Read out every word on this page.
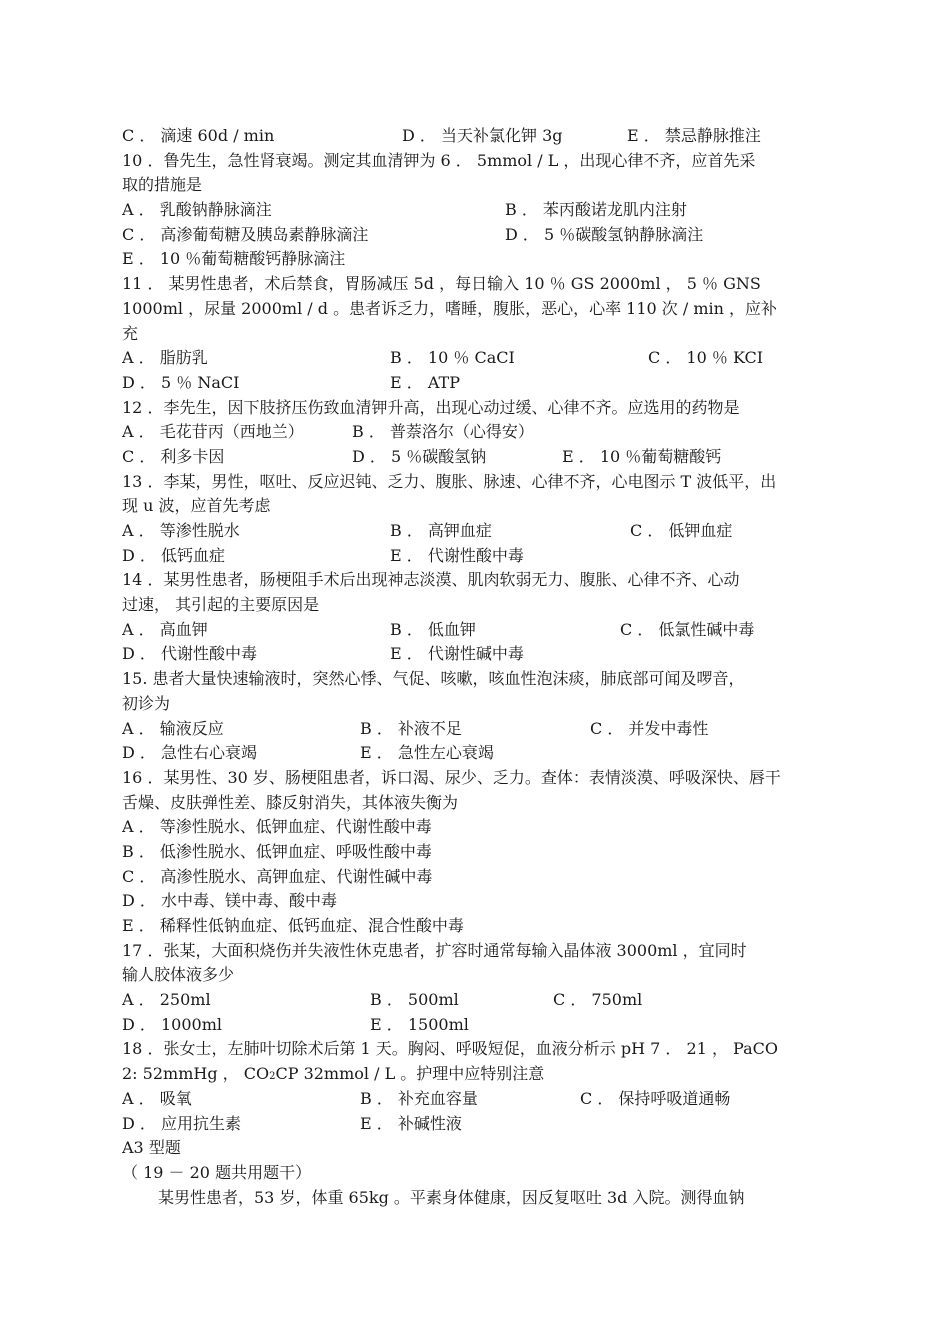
C ． 滴速 60d / min	D ． 当天补氯化钾 3g	E ． 禁忌静脉推注
10 ．鲁先生，急性肾衰竭。测定其血清钾为 6 ． 5mmol / L ，出现心律不齐，应首先采
取的措施是
A ． 乳酸钠静脉滴注	B ． 苯丙酸诺龙肌内注射
C ． 高渗葡萄糖及胰岛素静脉滴注	D ． 5 ％碳酸氢钠静脉滴注
E ． 10 ％葡萄糖酸钙静脉滴注
11 ． 某男性患者，术后禁食，胃肠减压 5d ，每日输入 10 ％ GS 2000ml ， 5 ％ GNS
1000ml ，尿量 2000ml / d 。患者诉乏力，嗜睡，腹胀，恶心，心率 110 次 / min ，应补
充
A ． 脂肪乳	B ． 10 ％ CaCI	C ． 10 ％ KCI
D ． 5 ％ NaCI	E ． ATP
12 ．李先生，因下肢挤压伤致血清钾升高，出现心动过缓、心律不齐。应选用的药物是
A ． 毛花苷丙（西地兰）	B ． 普萘洛尔（心得安）
C ． 利多卡因	D ． 5 ％碳酸氢钠	E ． 10 ％葡萄糖酸钙
13 ．李某，男性，呕吐、反应迟钝、乏力、腹胀、脉速、心律不齐，心电图示 T 波低平，出
现 u 波，应首先考虑
A ． 等渗性脱水	B ． 高钾血症	C ． 低钾血症
D ． 低钙血症	E ． 代谢性酸中毒
14 ．某男性患者，肠梗阻手术后出现神志淡漠、肌肉软弱无力、腹胀、心律不齐、心动
过速， 其引起的主要原因是
A ． 高血钾	B ． 低血钾	C ． 低氯性碱中毒
D ． 代谢性酸中毒	E ． 代谢性碱中毒
15. 患者大量快速输液时，突然心悸、气促、咳嗽，咳血性泡沫痰，肺底部可闻及啰音，
初诊为
A ． 输液反应	B ． 补液不足	C ． 并发中毒性
D ． 急性右心衰竭	E ． 急性左心衰竭
16 ．某男性、30 岁、肠梗阻患者，诉口渴、尿少、乏力。查体：表情淡漠、呼吸深快、唇干
舌燥、皮肤弹性差、膝反射消失，其体液失衡为
A ． 等渗性脱水、低钾血症、代谢性酸中毒
B ． 低渗性脱水、低钾血症、呼吸性酸中毒
C ． 高渗性脱水、高钾血症、代谢性碱中毒
D ． 水中毒、镁中毒、酸中毒
E ． 稀释性低钠血症、低钙血症、混合性酸中毒
17 ．张某，大面积烧伤并失液性休克患者，扩容时通常每输入晶体液 3000ml ，宜同时
输人胶体液多少
A ． 250ml	B ． 500ml	C ． 750ml
D ． 1000ml	E ． 1500ml
18 ．张女士，左肺叶切除术后第 1 天。胸闷、呼吸短促，血液分析示 pH 7 ． 21 ， PaCO
2: 52mmHg ， CO2CP 32mmol / L 。护理中应特别注意
A ． 吸氧	B ． 补充血容量	C ． 保持呼吸道通畅
D ． 应用抗生素	E ． 补碱性液
A3 型题
（ 19 － 20 题共用题干）
某男性患者，53 岁，体重 65kg 。平素身体健康，因反复呕吐 3d 入院。测得血钠
